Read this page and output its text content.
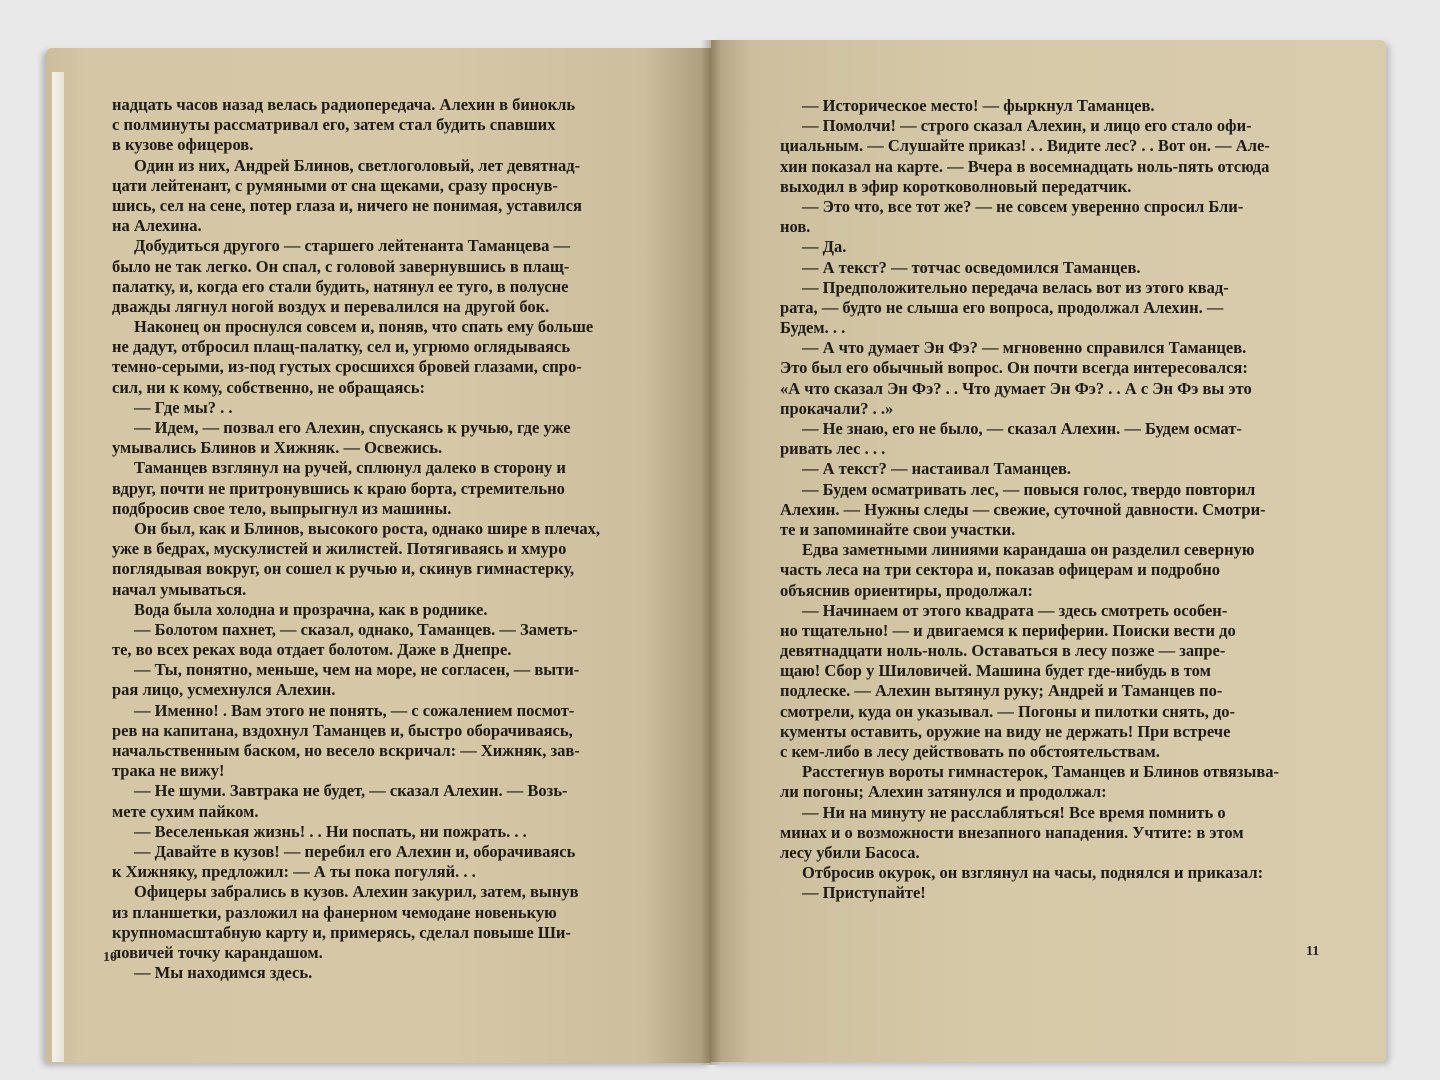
надцать часов назад велась радиопередача. Алехин в бинокль
с полминуты рассматривал его, затем стал будить спавших
в кузове офицеров.
Один из них, Андрей Блинов, светлоголовый, лет девятнад-
цати лейтенант, с румяными от сна щеками, сразу проснув-
шись, сел на сене, потер глаза и, ничего не понимая, уставился
на Алехина.
Добудиться другого — старшего лейтенанта Таманцева —
было не так легко. Он спал, с головой завернувшись в плащ-
палатку, и, когда его стали будить, натянул ее туго, в полусне
дважды лягнул ногой воздух и перевалился на другой бок.
Наконец он проснулся совсем и, поняв, что спать ему больше
не дадут, отбросил плащ-палатку, сел и, угрюмо оглядываясь
темно-серыми, из-под густых сросшихся бровей глазами, спро-
сил, ни к кому, собственно, не обращаясь:
— Где мы? . .
— Идем, — позвал его Алехин, спускаясь к ручью, где уже
умывались Блинов и Хижняк. — Освежись.
Таманцев взглянул на ручей, сплюнул далеко в сторону и
вдруг, почти не притронувшись к краю борта, стремительно
подбросив свое тело, выпрыгнул из машины.
Он был, как и Блинов, высокого роста, однако шире в плечах,
уже в бедрах, мускулистей и жилистей. Потягиваясь и хмуро
поглядывая вокруг, он сошел к ручью и, скинув гимнастерку,
начал умываться.
Вода была холодна и прозрачна, как в роднике.
— Болотом пахнет, — сказал, однако, Таманцев. — Заметь-
те, во всех реках вода отдает болотом. Даже в Днепре.
— Ты, понятно, меньше, чем на море, не согласен, — выти-
рая лицо, усмехнулся Алехин.
— Именно! . Вам этого не понять, — с сожалением посмот-
рев на капитана, вздохнул Таманцев и, быстро оборачиваясь,
начальственным баском, но весело вскричал: — Хижняк, зав-
трака не вижу!
— Не шуми. Завтрака не будет, — сказал Алехин. — Возь-
мете сухим пайком.
— Веселенькая жизнь! . . Ни поспать, ни пожрать. . .
— Давайте в кузов! — перебил его Алехин и, оборачиваясь
к Хижняку, предложил: — А ты пока погуляй. . .
Офицеры забрались в кузов. Алехин закурил, затем, вынув
из планшетки, разложил на фанерном чемодане новенькую
крупномасштабную карту и, примерясь, сделал повыше Ши-
ловичей точку карандашом.
— Мы находимся здесь.
— Историческое место! — фыркнул Таманцев.
— Помолчи! — строго сказал Алехин, и лицо его стало офи-
циальным. — Слушайте приказ! . . Видите лес? . . Вот он. — Але-
хин показал на карте. — Вчера в восемнадцать ноль-пять отсюда
выходил в эфир коротковолновый передатчик.
— Это что, все тот же? — не совсем уверенно спросил Бли-
нов.
— Да.
— А текст? — тотчас осведомился Таманцев.
— Предположительно передача велась вот из этого квад-
рата, — будто не слыша его вопроса, продолжал Алехин. —
Будем. . .
— А что думает Эн Фэ? — мгновенно справился Таманцев.
Это был его обычный вопрос. Он почти всегда интересовался:
«А что сказал Эн Фэ? . . Что думает Эн Фэ? . . А с Эн Фэ вы это
прокачали? . .»
— Не знаю, его не было, — сказал Алехин. — Будем осмат-
ривать лес . . .
— А текст? — настаивал Таманцев.
— Будем осматривать лес, — повыся голос, твердо повторил
Алехин. — Нужны следы — свежие, суточной давности. Смотри-
те и запоминайте свои участки.
Едва заметными линиями карандаша он разделил северную
часть леса на три сектора и, показав офицерам и подробно
объяснив ориентиры, продолжал:
— Начинаем от этого квадрата — здесь смотреть особен-
но тщательно! — и двигаемся к периферии. Поиски вести до
девятнадцати ноль-ноль. Оставаться в лесу позже — запре-
щаю! Сбор у Шиловичей. Машина будет где-нибудь в том
подлеске. — Алехин вытянул руку; Андрей и Таманцев по-
смотрели, куда он указывал. — Погоны и пилотки снять, до-
кументы оставить, оружие на виду не держать! При встрече
с кем-либо в лесу действовать по обстоятельствам.
Расстегнув вороты гимнастерок, Таманцев и Блинов отвязыва-
ли погоны; Алехин затянулся и продолжал:
— Ни на минуту не расслабляться! Все время помнить о
минах и о возможности внезапного нападения. Учтите: в этом
лесу убили Басоса.
Отбросив окурок, он взглянул на часы, поднялся и приказал:
— Приступайте!
10	11
